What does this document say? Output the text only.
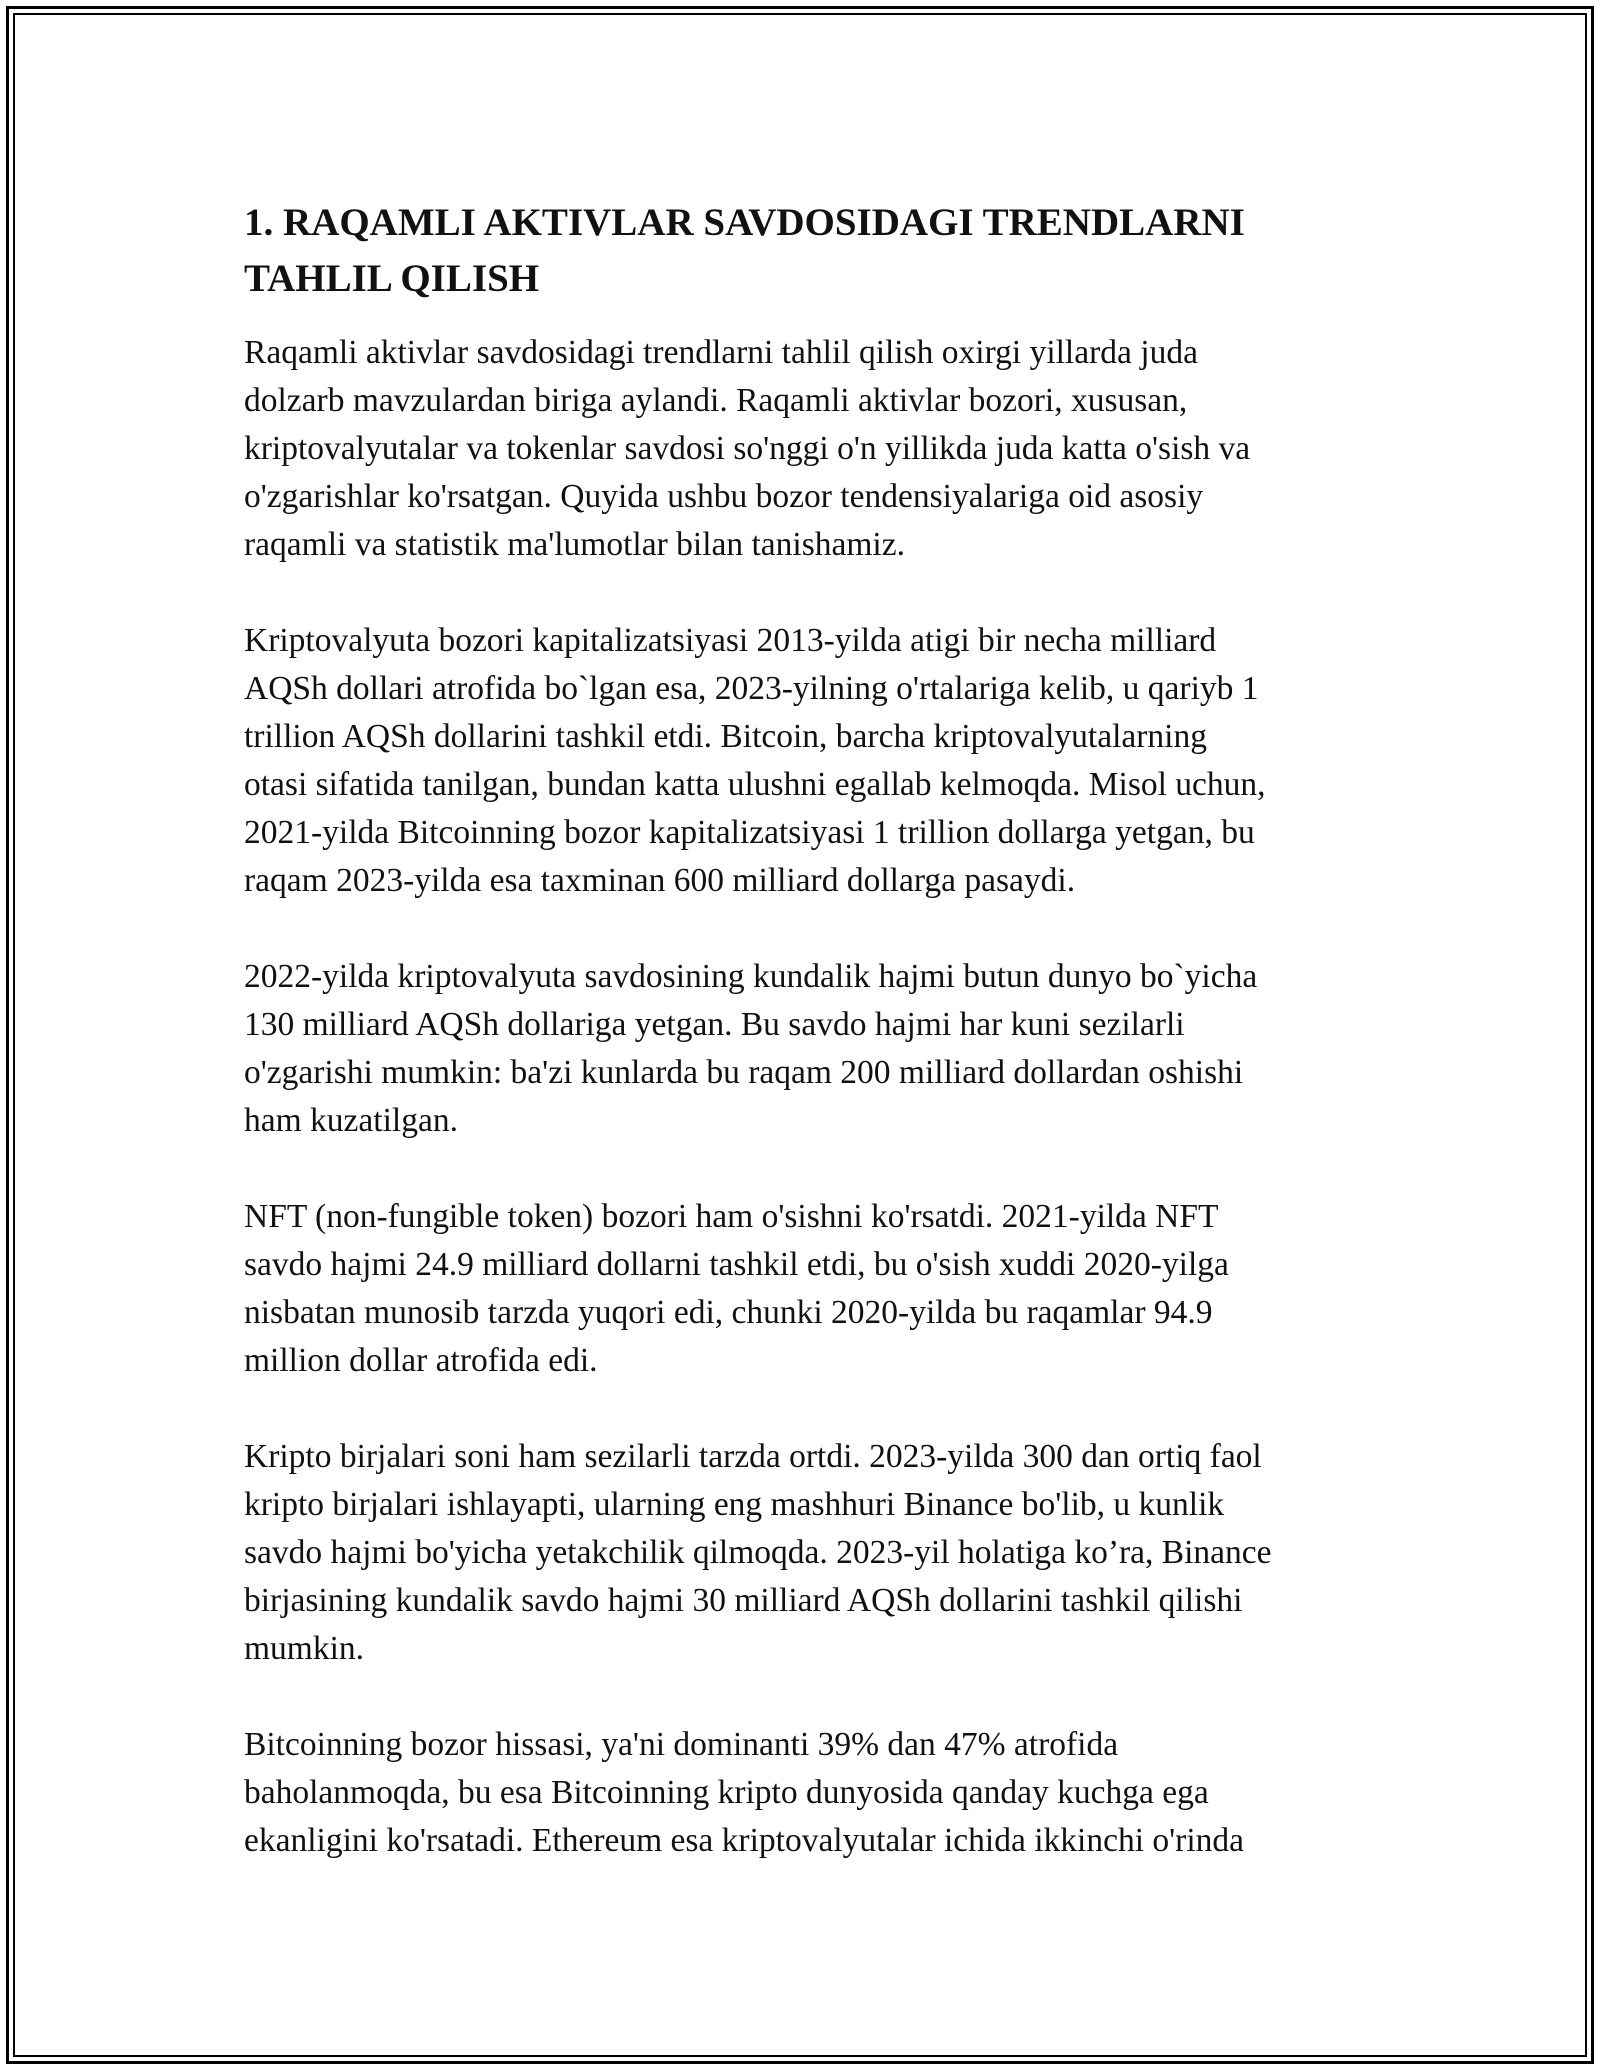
1. RAQAMLI AKTIVLAR SAVDOSIDAGI TRENDLARNI
TAHLIL QILISH

Raqamli aktivlar savdosidagi trendlarni tahlil qilish oxirgi yillarda juda
dolzarb mavzulardan biriga aylandi. Raqamli aktivlar bozori, xususan,
kriptovalyutalar va tokenlar savdosi so'nggi o'n yillikda juda katta o'sish va
o'zgarishlar ko'rsatgan. Quyida ushbu bozor tendensiyalariga oid asosiy
raqamli va statistik ma'lumotlar bilan tanishamiz.

Kriptovalyuta bozori kapitalizatsiyasi 2013-yilda atigi bir necha milliard
AQSh dollari atrofida bo`lgan esa, 2023-yilning o'rtalariga kelib, u qariyb 1
trillion AQSh dollarini tashkil etdi. Bitcoin, barcha kriptovalyutalarning
otasi sifatida tanilgan, bundan katta ulushni egallab kelmoqda. Misol uchun,
2021-yilda Bitcoinning bozor kapitalizatsiyasi 1 trillion dollarga yetgan, bu
raqam 2023-yilda esa taxminan 600 milliard dollarga pasaydi.

2022-yilda kriptovalyuta savdosining kundalik hajmi butun dunyo bo`yicha
130 milliard AQSh dollariga yetgan. Bu savdo hajmi har kuni sezilarli
o'zgarishi mumkin: ba'zi kunlarda bu raqam 200 milliard dollardan oshishi
ham kuzatilgan.

NFT (non-fungible token) bozori ham o'sishni ko'rsatdi. 2021-yilda NFT
savdo hajmi 24.9 milliard dollarni tashkil etdi, bu o'sish xuddi 2020-yilga
nisbatan munosib tarzda yuqori edi, chunki 2020-yilda bu raqamlar 94.9
million dollar atrofida edi.

Kripto birjalari soni ham sezilarli tarzda ortdi. 2023-yilda 300 dan ortiq faol
kripto birjalari ishlayapti, ularning eng mashhuri Binance bo'lib, u kunlik
savdo hajmi bo'yicha yetakchilik qilmoqda. 2023-yil holatiga ko’ra, Binance
birjasining kundalik savdo hajmi 30 milliard AQSh dollarini tashkil qilishi
mumkin.

Bitcoinning bozor hissasi, ya'ni dominanti 39% dan 47% atrofida
baholanmoqda, bu esa Bitcoinning kripto dunyosida qanday kuchga ega
ekanligini ko'rsatadi. Ethereum esa kriptovalyutalar ichida ikkinchi o'rinda
